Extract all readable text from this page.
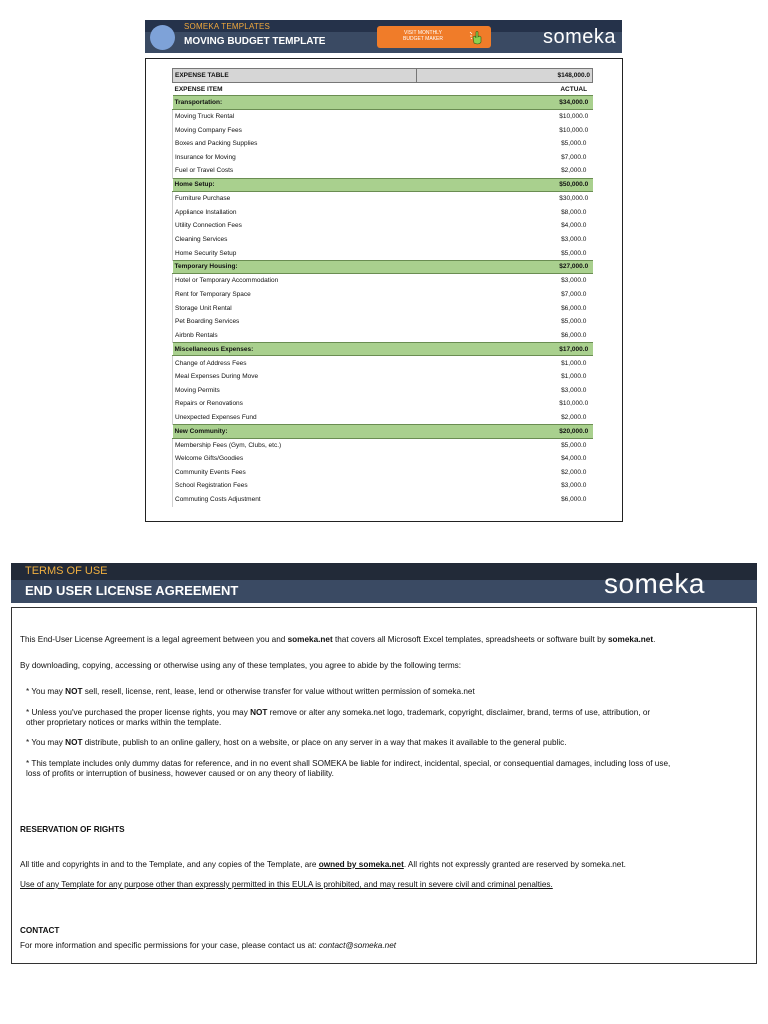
SOMEKA TEMPLATES
MOVING BUDGET TEMPLATE
VISIT MONTHLY
BUDGET MAKER	someka
EXPENSE TABLE	$148,000.0
EXPENSE ITEM	ACTUAL
Transportation:	$34,000.0
Moving Truck Rental	$10,000.0
Moving Company Fees	$10,000.0
Boxes and Packing Supplies	$5,000.0
Insurance for Moving	$7,000.0
Fuel or Travel Costs	$2,000.0
Home Setup:	$50,000.0
Furniture Purchase	$30,000.0
Appliance Installation	$8,000.0
Utility Connection Fees	$4,000.0
Cleaning Services	$3,000.0
Home Security Setup	$5,000.0
Temporary Housing:	$27,000.0
Hotel or Temporary Accommodation	$3,000.0
Rent for Temporary Space	$7,000.0
Storage Unit Rental	$6,000.0
Pet Boarding Services	$5,000.0
Airbnb Rentals	$6,000.0
Miscellaneous Expenses:	$17,000.0
Change of Address Fees	$1,000.0
Meal Expenses During Move	$1,000.0
Moving Permits	$3,000.0
Repairs or Renovations	$10,000.0
Unexpected Expenses Fund	$2,000.0
New Community:	$20,000.0
Membership Fees (Gym, Clubs, etc.)	$5,000.0
Welcome Gifts/Goodies	$4,000.0
Community Events Fees	$2,000.0
School Registration Fees	$3,000.0
Commuting Costs Adjustment	$6,000.0
TERMS OF USE
END USER LICENSE AGREEMENT	someka
This End-User License Agreement is a legal agreement between you and someka.net that covers all Microsoft Excel templates, spreadsheets or software built by someka.net.
By downloading, copying, accessing or otherwise using any of these templates, you agree to abide by the following terms:
* You may NOT sell, resell, license, rent, lease, lend or otherwise transfer for value without written permission of someka.net
* Unless you've purchased the proper license rights, you may NOT remove or alter any someka.net logo, trademark, copyright, disclaimer, brand, terms of use, attribution, or
other proprietary notices or marks within the template.
* You may NOT distribute, publish to an online gallery, host on a website, or place on any server in a way that makes it available to the general public.
* This template includes only dummy datas for reference, and in no event shall SOMEKA be liable for indirect, incidental, special, or consequential damages, including loss of use,
loss of profits or interruption of business, however caused or on any theory of liability.
RESERVATION OF RIGHTS
All title and copyrights in and to the Template, and any copies of the Template, are owned by someka.net. All rights not expressly granted are reserved by someka.net.
Use of any Template for any purpose other than expressly permitted in this EULA is prohibited, and may result in severe civil and criminal penalties.
CONTACT
For more information and specific permissions for your case, please contact us at: contact@someka.net
